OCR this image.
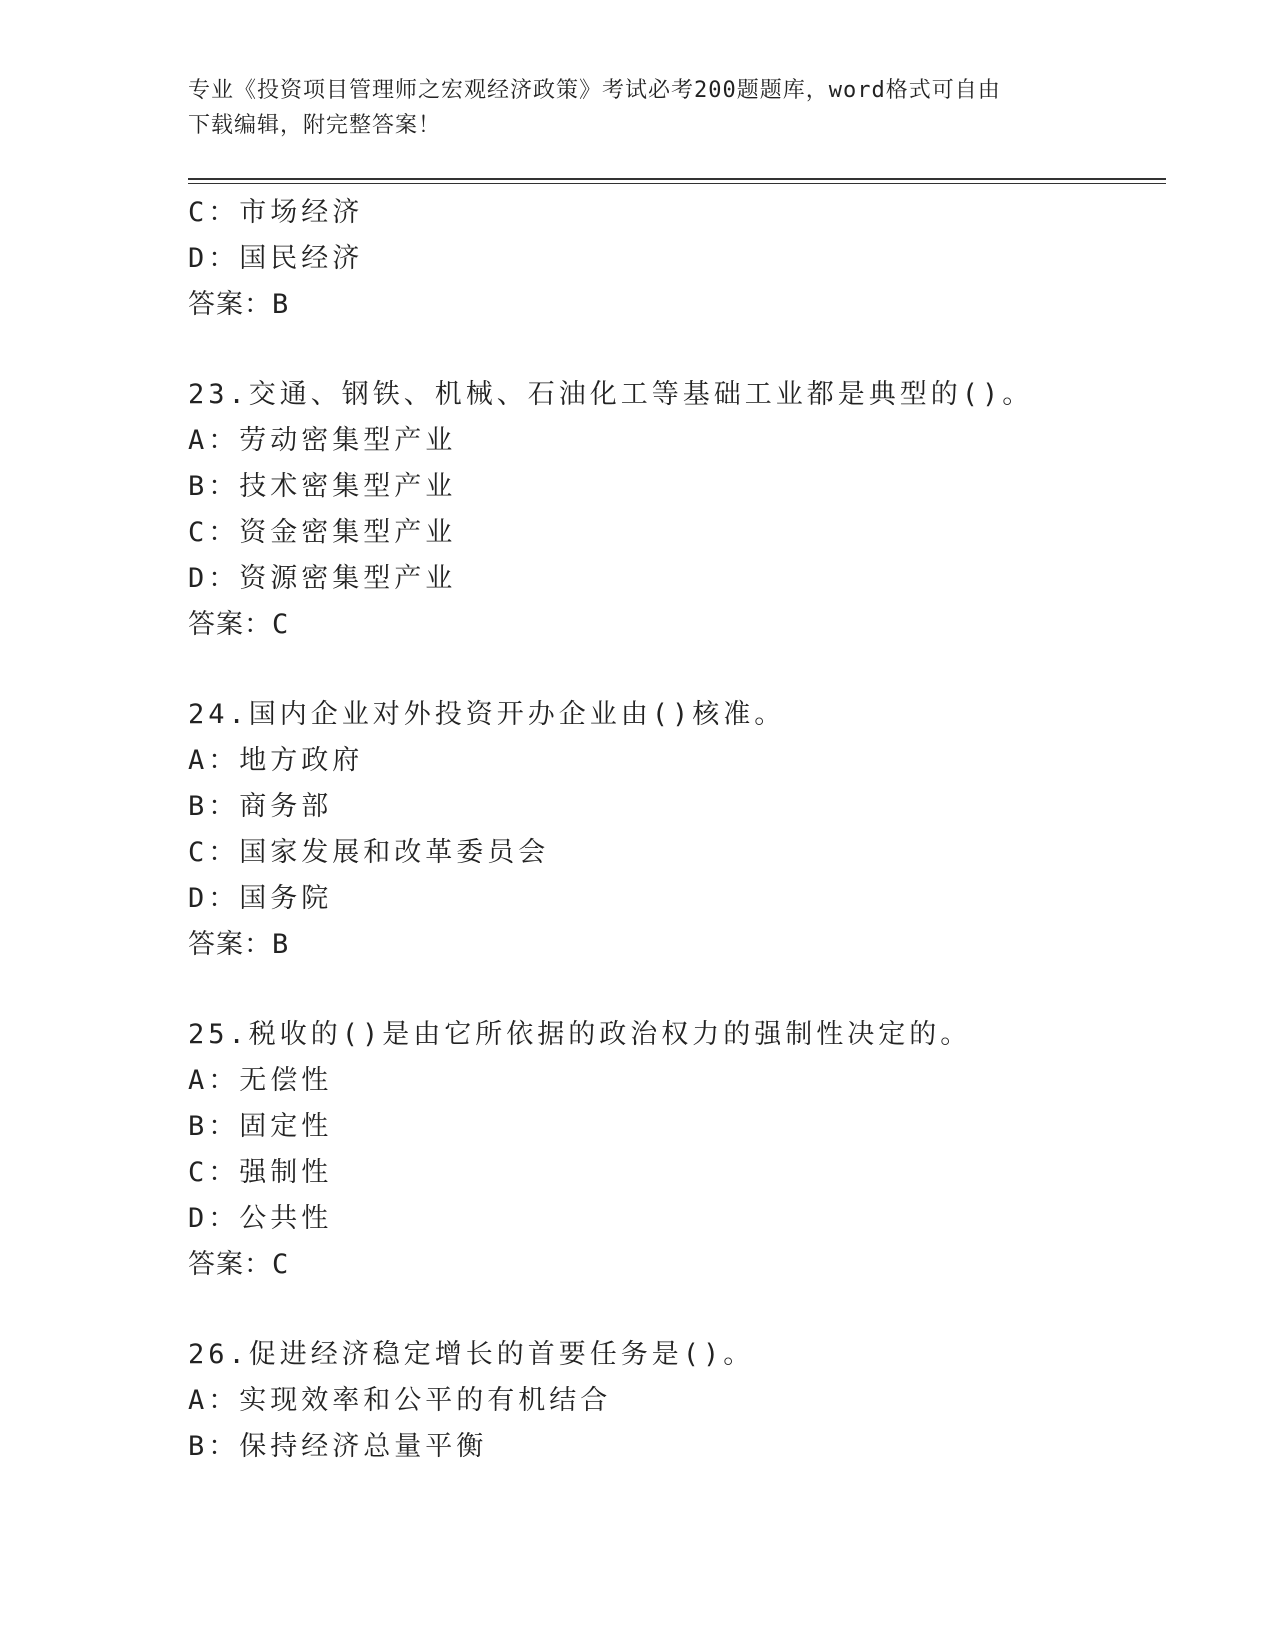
专业《投资项目管理师之宏观经济政策》考试必考200题题库，word格式可自由
下载编辑，附完整答案！
C：市场经济
D：国民经济
答案：B
23.交通、钢铁、机械、石油化工等基础工业都是典型的()。
A：劳动密集型产业
B：技术密集型产业
C：资金密集型产业
D：资源密集型产业
答案：C
24.国内企业对外投资开办企业由()核准。
A：地方政府
B：商务部
C：国家发展和改革委员会
D：国务院
答案：B
25.税收的()是由它所依据的政治权力的强制性决定的。
A：无偿性
B：固定性
C：强制性
D：公共性
答案：C
26.促进经济稳定增长的首要任务是()。
A：实现效率和公平的有机结合
B：保持经济总量平衡
